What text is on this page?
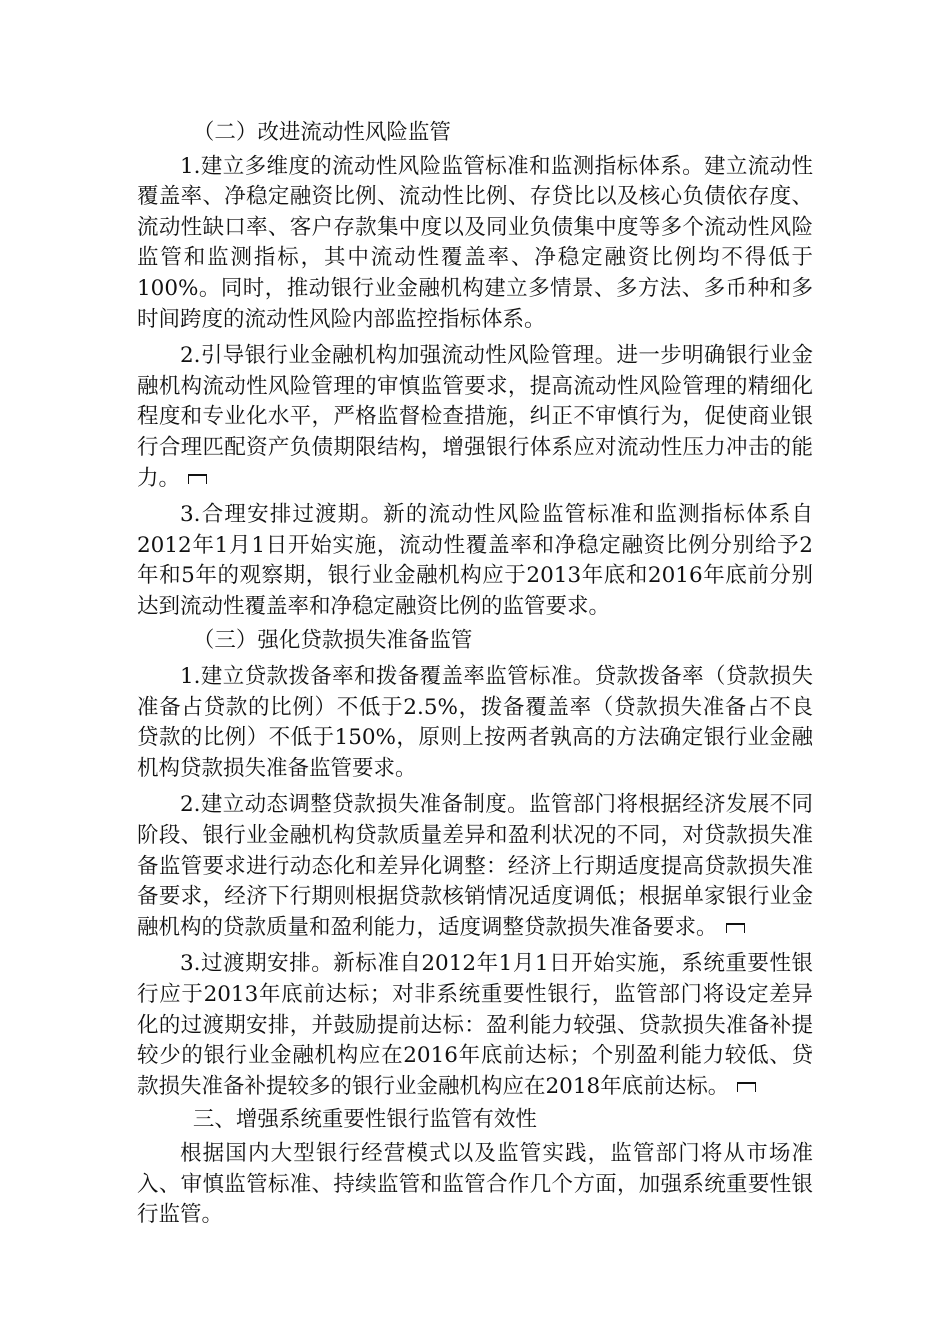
（二）改进流动性风险监管

1.建立多维度的流动性风险监管标准和监测指标体系。建立流动性覆盖率、净稳定融资比例、流动性比例、存贷比以及核心负债依存度、流动性缺口率、客户存款集中度以及同业负债集中度等多个流动性风险监管和监测指标，其中流动性覆盖率、净稳定融资比例均不得低于100%。同时，推动银行业金融机构建立多情景、多方法、多币种和多时间跨度的流动性风险内部监控指标体系。

2.引导银行业金融机构加强流动性风险管理。进一步明确银行业金融机构流动性风险管理的审慎监管要求，提高流动性风险管理的精细化程度和专业化水平，严格监督检查措施，纠正不审慎行为，促使商业银行合理匹配资产负债期限结构，增强银行体系应对流动性压力冲击的能力。

3.合理安排过渡期。新的流动性风险监管标准和监测指标体系自2012年1月1日开始实施，流动性覆盖率和净稳定融资比例分别给予2年和5年的观察期，银行业金融机构应于2013年底和2016年底前分别达到流动性覆盖率和净稳定融资比例的监管要求。

（三）强化贷款损失准备监管

1.建立贷款拨备率和拨备覆盖率监管标准。贷款拨备率（贷款损失准备占贷款的比例）不低于2.5%，拨备覆盖率（贷款损失准备占不良贷款的比例）不低于150%，原则上按两者孰高的方法确定银行业金融机构贷款损失准备监管要求。

2.建立动态调整贷款损失准备制度。监管部门将根据经济发展不同阶段、银行业金融机构贷款质量差异和盈利状况的不同，对贷款损失准备监管要求进行动态化和差异化调整：经济上行期适度提高贷款损失准备要求，经济下行期则根据贷款核销情况适度调低；根据单家银行业金融机构的贷款质量和盈利能力，适度调整贷款损失准备要求。

3.过渡期安排。新标准自2012年1月1日开始实施，系统重要性银行应于2013年底前达标；对非系统重要性银行，监管部门将设定差异化的过渡期安排，并鼓励提前达标：盈利能力较强、贷款损失准备补提较少的银行业金融机构应在2016年底前达标；个别盈利能力较低、贷款损失准备补提较多的银行业金融机构应在2018年底前达标。

三、增强系统重要性银行监管有效性

根据国内大型银行经营模式以及监管实践，监管部门将从市场准入、审慎监管标准、持续监管和监管合作几个方面，加强系统重要性银行监管。
